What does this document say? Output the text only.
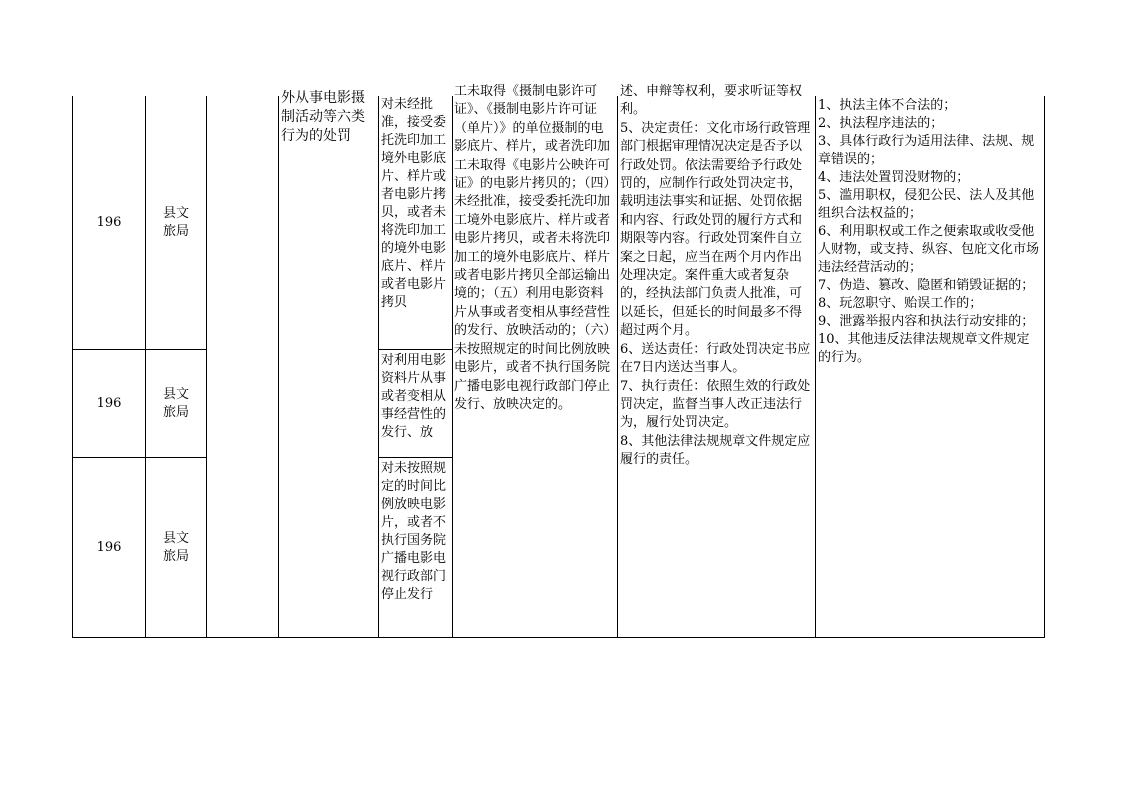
196
县文旅局
对未经批准，接受委托洗印加工境外电影底片、样片或者电影片拷贝，或者未将洗印加工的境外电影底片、样片或者电影片拷贝
196
县文旅局
对利用电影资料片从事或者变相从事经营性的发行、放
196
县文旅局
对未按照规定的时间比例放映电影片，或者不执行国务院广播电影电视行政部门停止发行
外从事电影摄制活动等六类行为的处罚
工未取得《摄制电影许可证》、《摄制电影片许可证（单片）》的单位摄制的电影底片、样片，或者洗印加工未取得《电影片公映许可证》的电影片拷贝的；（四）未经批准，接受委托洗印加工境外电影底片、样片或者电影片拷贝，或者未将洗印加工的境外电影底片、样片或者电影片拷贝全部运输出境的；（五）利用电影资料片从事或者变相从事经营性的发行、放映活动的；（六）未按照规定的时间比例放映电影片，或者不执行国务院广播电影电视行政部门停止发行、放映决定的。
述、申辩等权利，要求听证等权利。
5、决定责任：文化市场行政管理部门根据审理情况决定是否予以行政处罚。依法需要给予行政处罚的，应制作行政处罚决定书，载明违法事实和证据、处罚依据和内容、行政处罚的履行方式和期限等内容。行政处罚案件自立案之日起，应当在两个月内作出处理决定。案件重大或者复杂的，经执法部门负责人批准，可以延长，但延长的时间最多不得超过两个月。
6、送达责任：行政处罚决定书应在7日内送达当事人。
7、执行责任：依照生效的行政处罚决定，监督当事人改正违法行为，履行处罚决定。
8、其他法律法规规章文件规定应履行的责任。
1、执法主体不合法的；
2、执法程序违法的；
3、具体行政行为适用法律、法规、规章错误的；
4、违法处置罚没财物的；
5、滥用职权，侵犯公民、法人及其他组织合法权益的；
6、利用职权或工作之便索取或收受他人财物，或支持、纵容、包庇文化市场违法经营活动的；
7、伪造、篡改、隐匿和销毁证据的；
8、玩忽职守、贻误工作的；
9、泄露举报内容和执法行动安排的；
10、其他违反法律法规规章文件规定的行为。
